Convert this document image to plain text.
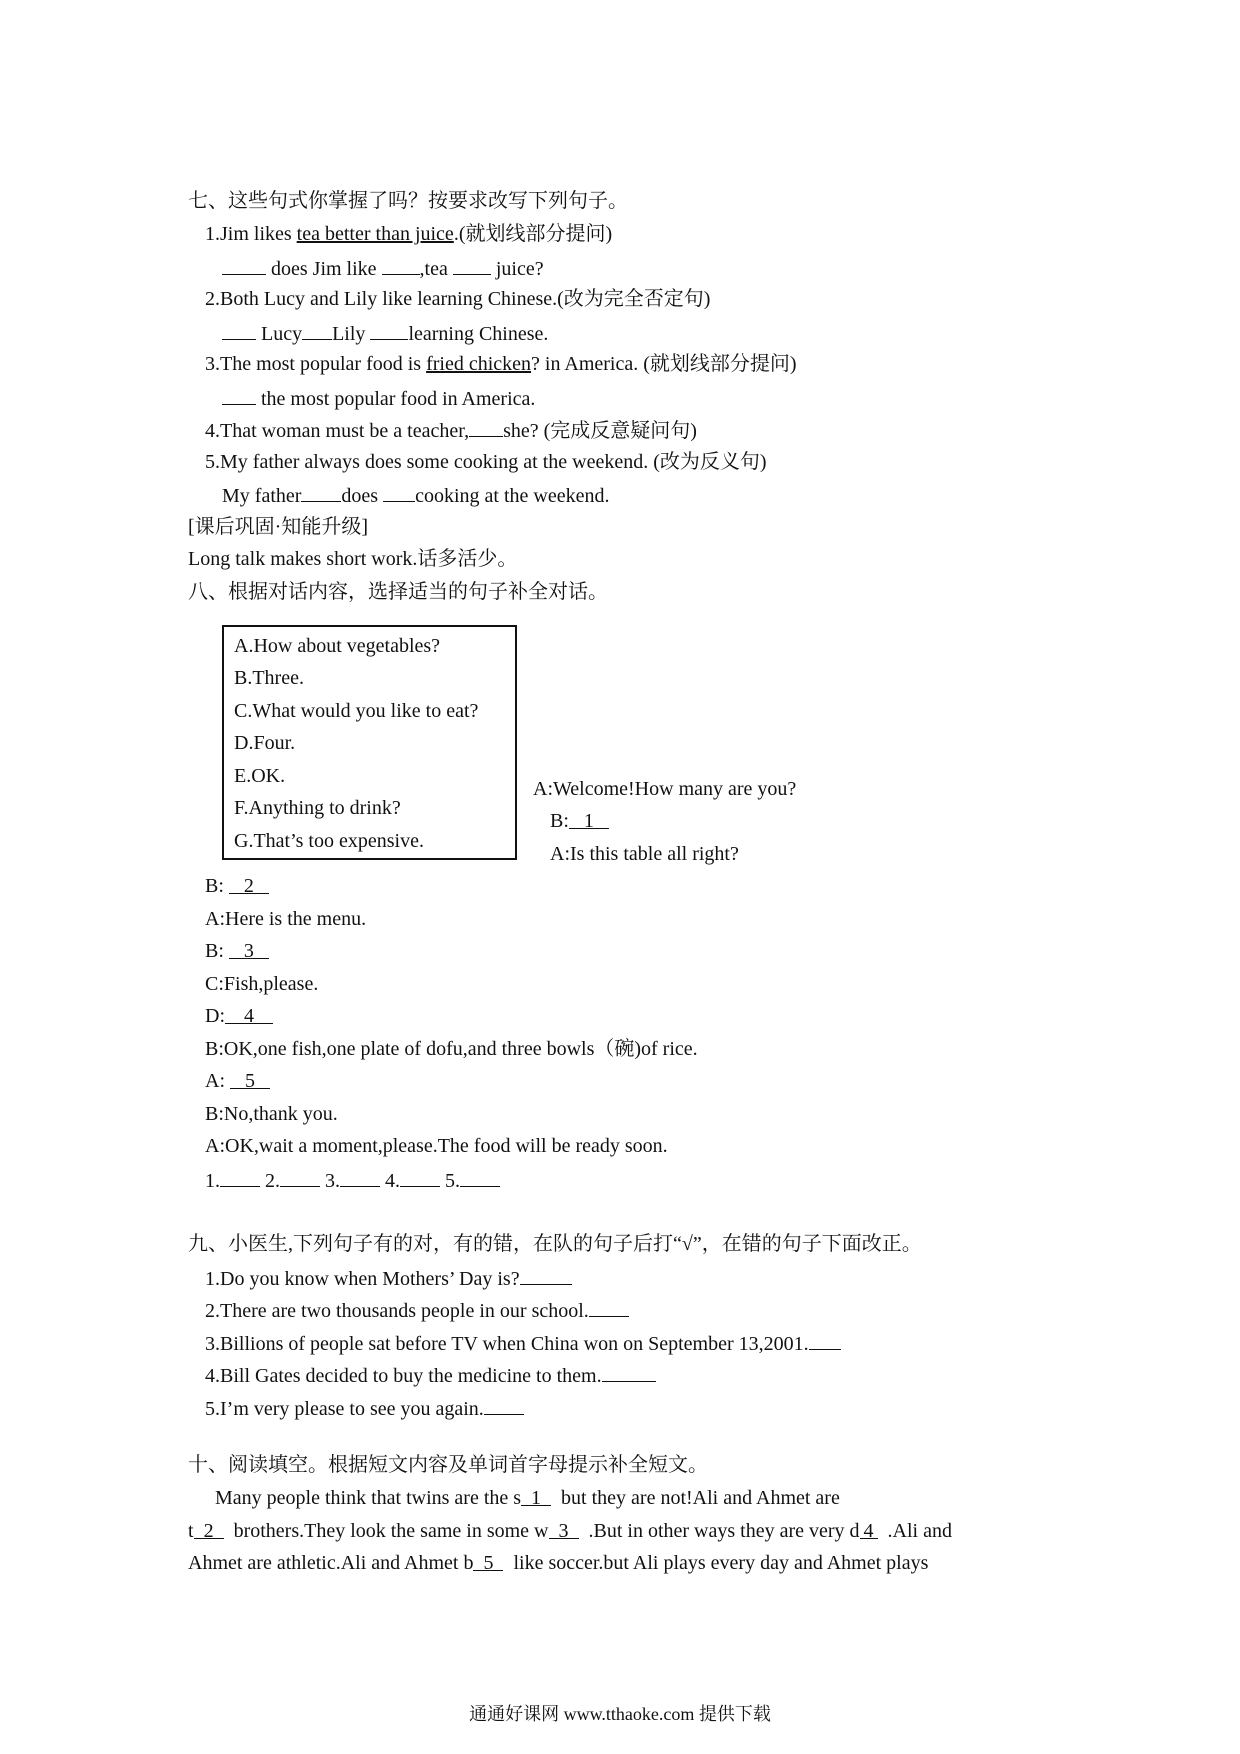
七、这些句式你掌握了吗？按要求改写下列句子。
1.Jim likes tea better than juice.(就划线部分提问)
does Jim like ,tea  juice?
2.Both Lucy and Lily like learning Chinese.(改为完全否定句)
Lucy Lily learning Chinese.
3.The most popular food is fried chicken? in America. (就划线部分提问)
the most popular food in America.
4.That woman must be a teacher, she? (完成反意疑问句)
5.My father always does some cooking at the weekend. (改为反义句)
My father does cooking at the weekend.
[课后巩固·知能升级]
Long talk makes short work.话多活少。
八、根据对话内容，选择适当的句子补全对话。
A.How about vegetables?
B.Three.
C.What would you like to eat?
D.Four.
E.OK.
F.Anything to drink?
G.That’s too expensive.
A:Welcome!How many are you?
B: 1
A:Is this table all right?
B: 2
A:Here is the menu.
B: 3
C:Fish,please.
D: 4
B:OK,one fish,one plate of dofu,and three bowls（碗)of rice.
A: 5
B:No,thank you.
A:OK,wait a moment,please.The food will be ready soon.
1. 2. 3. 4. 5.
九、小医生,下列句子有的对，有的错，在队的句子后打“√”，在错的句子下面改正。
1.Do you know when Mothers’ Day is?
2.There are two thousands people in our school.
3.Billions of people sat before TV when China won on September 13,2001.
4.Bill Gates decided to buy the medicine to them.
5.I’m very please to see you again.
十、阅读填空。根据短文内容及单词首字母提示补全短文。
Many people think that twins are the s 1  but they are not!Ali and Ahmet are
t 2  brothers.They look the same in some w 3  .But in other ways they are very d 4  .Ali and
Ahmet are athletic.Ali and Ahmet b 5  like soccer.but Ali plays every day and Ahmet plays
通通好课网 www.tthaoke.com 提供下载
